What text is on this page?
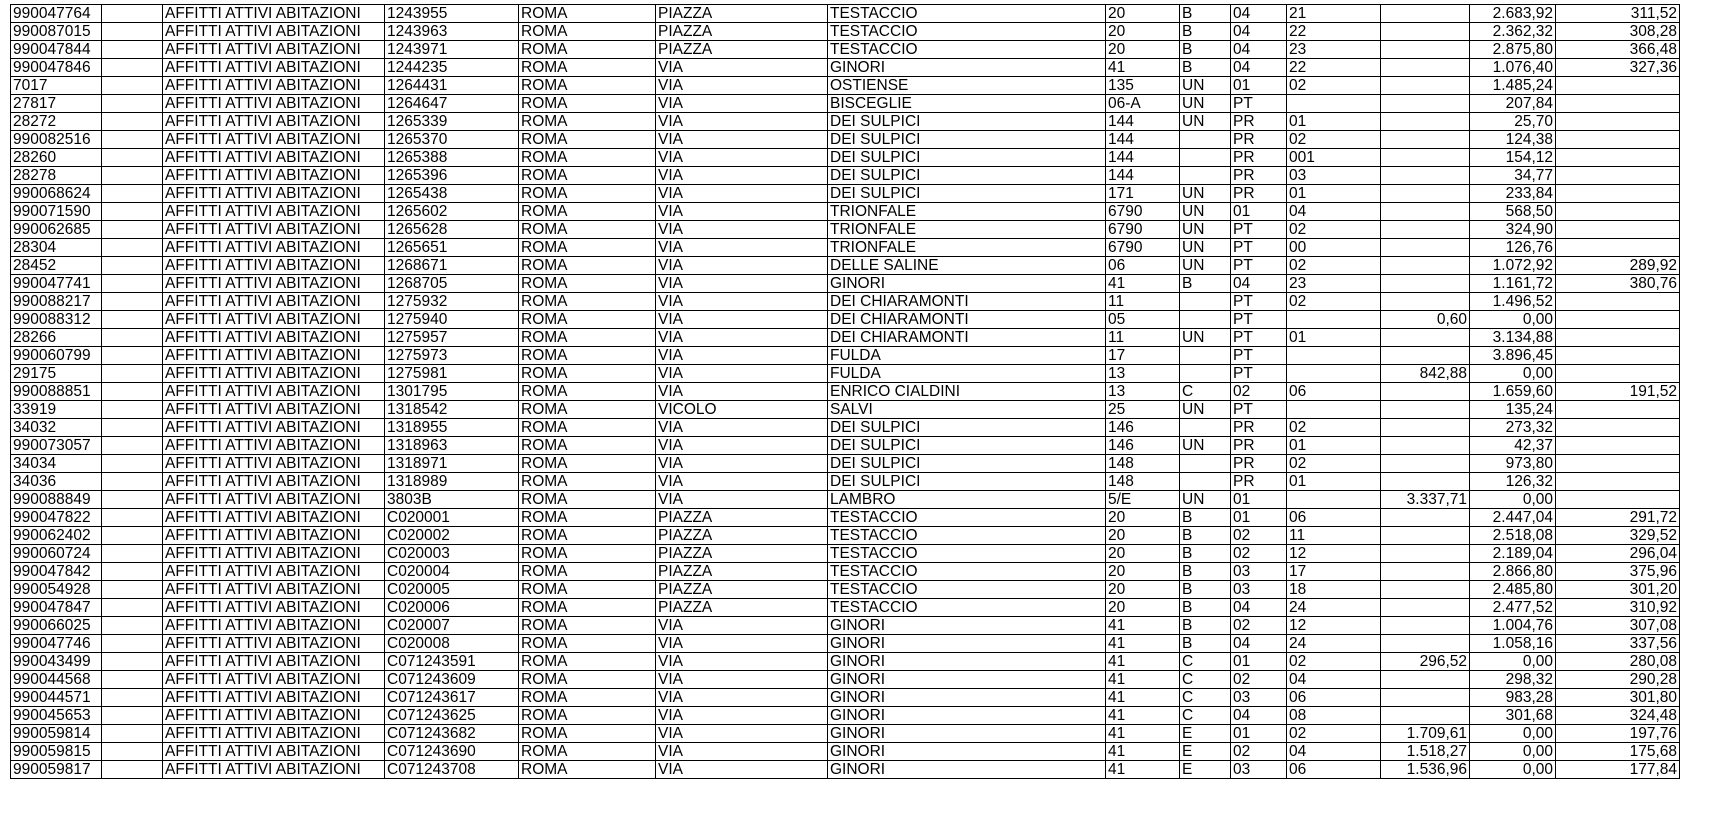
990047764		AFFITTI ATTIVI ABITAZIONI	1243955	ROMA	PIAZZA	TESTACCIO	20	B	04	21		2.683,92	311,52
990087015		AFFITTI ATTIVI ABITAZIONI	1243963	ROMA	PIAZZA	TESTACCIO	20	B	04	22		2.362,32	308,28
990047844		AFFITTI ATTIVI ABITAZIONI	1243971	ROMA	PIAZZA	TESTACCIO	20	B	04	23		2.875,80	366,48
990047846		AFFITTI ATTIVI ABITAZIONI	1244235	ROMA	VIA	GINORI	41	B	04	22		1.076,40	327,36
7017		AFFITTI ATTIVI ABITAZIONI	1264431	ROMA	VIA	OSTIENSE	135	UN	01	02		1.485,24	
27817		AFFITTI ATTIVI ABITAZIONI	1264647	ROMA	VIA	BISCEGLIE	06-A	UN	PT			207,84	
28272		AFFITTI ATTIVI ABITAZIONI	1265339	ROMA	VIA	DEI SULPICI	144	UN	PR	01		25,70	
990082516		AFFITTI ATTIVI ABITAZIONI	1265370	ROMA	VIA	DEI SULPICI	144		PR	02		124,38	
28260		AFFITTI ATTIVI ABITAZIONI	1265388	ROMA	VIA	DEI SULPICI	144		PR	001		154,12	
28278		AFFITTI ATTIVI ABITAZIONI	1265396	ROMA	VIA	DEI SULPICI	144		PR	03		34,77	
990068624		AFFITTI ATTIVI ABITAZIONI	1265438	ROMA	VIA	DEI SULPICI	171	UN	PR	01		233,84	
990071590		AFFITTI ATTIVI ABITAZIONI	1265602	ROMA	VIA	TRIONFALE	6790	UN	01	04		568,50	
990062685		AFFITTI ATTIVI ABITAZIONI	1265628	ROMA	VIA	TRIONFALE	6790	UN	PT	02		324,90	
28304		AFFITTI ATTIVI ABITAZIONI	1265651	ROMA	VIA	TRIONFALE	6790	UN	PT	00		126,76	
28452		AFFITTI ATTIVI ABITAZIONI	1268671	ROMA	VIA	DELLE SALINE	06	UN	PT	02		1.072,92	289,92
990047741		AFFITTI ATTIVI ABITAZIONI	1268705	ROMA	VIA	GINORI	41	B	04	23		1.161,72	380,76
990088217		AFFITTI ATTIVI ABITAZIONI	1275932	ROMA	VIA	DEI CHIARAMONTI	11		PT	02		1.496,52	
990088312		AFFITTI ATTIVI ABITAZIONI	1275940	ROMA	VIA	DEI CHIARAMONTI	05		PT		0,60	0,00	
28266		AFFITTI ATTIVI ABITAZIONI	1275957	ROMA	VIA	DEI CHIARAMONTI	11	UN	PT	01		3.134,88	
990060799		AFFITTI ATTIVI ABITAZIONI	1275973	ROMA	VIA	FULDA	17		PT			3.896,45	
29175		AFFITTI ATTIVI ABITAZIONI	1275981	ROMA	VIA	FULDA	13		PT		842,88	0,00	
990088851		AFFITTI ATTIVI ABITAZIONI	1301795	ROMA	VIA	ENRICO CIALDINI	13	C	02	06		1.659,60	191,52
33919		AFFITTI ATTIVI ABITAZIONI	1318542	ROMA	VICOLO	SALVI	25	UN	PT			135,24	
34032		AFFITTI ATTIVI ABITAZIONI	1318955	ROMA	VIA	DEI SULPICI	146		PR	02		273,32	
990073057		AFFITTI ATTIVI ABITAZIONI	1318963	ROMA	VIA	DEI SULPICI	146	UN	PR	01		42,37	
34034		AFFITTI ATTIVI ABITAZIONI	1318971	ROMA	VIA	DEI SULPICI	148		PR	02		973,80	
34036		AFFITTI ATTIVI ABITAZIONI	1318989	ROMA	VIA	DEI SULPICI	148		PR	01		126,32	
990088849		AFFITTI ATTIVI ABITAZIONI	3803B	ROMA	VIA	LAMBRO	5/E	UN	01		3.337,71	0,00	
990047822		AFFITTI ATTIVI ABITAZIONI	C020001	ROMA	PIAZZA	TESTACCIO	20	B	01	06		2.447,04	291,72
990062402		AFFITTI ATTIVI ABITAZIONI	C020002	ROMA	PIAZZA	TESTACCIO	20	B	02	11		2.518,08	329,52
990060724		AFFITTI ATTIVI ABITAZIONI	C020003	ROMA	PIAZZA	TESTACCIO	20	B	02	12		2.189,04	296,04
990047842		AFFITTI ATTIVI ABITAZIONI	C020004	ROMA	PIAZZA	TESTACCIO	20	B	03	17		2.866,80	375,96
990054928		AFFITTI ATTIVI ABITAZIONI	C020005	ROMA	PIAZZA	TESTACCIO	20	B	03	18		2.485,80	301,20
990047847		AFFITTI ATTIVI ABITAZIONI	C020006	ROMA	PIAZZA	TESTACCIO	20	B	04	24		2.477,52	310,92
990066025		AFFITTI ATTIVI ABITAZIONI	C020007	ROMA	VIA	GINORI	41	B	02	12		1.004,76	307,08
990047746		AFFITTI ATTIVI ABITAZIONI	C020008	ROMA	VIA	GINORI	41	B	04	24		1.058,16	337,56
990043499		AFFITTI ATTIVI ABITAZIONI	C071243591	ROMA	VIA	GINORI	41	C	01	02	296,52	0,00	280,08
990044568		AFFITTI ATTIVI ABITAZIONI	C071243609	ROMA	VIA	GINORI	41	C	02	04		298,32	290,28
990044571		AFFITTI ATTIVI ABITAZIONI	C071243617	ROMA	VIA	GINORI	41	C	03	06		983,28	301,80
990045653		AFFITTI ATTIVI ABITAZIONI	C071243625	ROMA	VIA	GINORI	41	C	04	08		301,68	324,48
990059814		AFFITTI ATTIVI ABITAZIONI	C071243682	ROMA	VIA	GINORI	41	E	01	02	1.709,61	0,00	197,76
990059815		AFFITTI ATTIVI ABITAZIONI	C071243690	ROMA	VIA	GINORI	41	E	02	04	1.518,27	0,00	175,68
990059817		AFFITTI ATTIVI ABITAZIONI	C071243708	ROMA	VIA	GINORI	41	E	03	06	1.536,96	0,00	177,84
